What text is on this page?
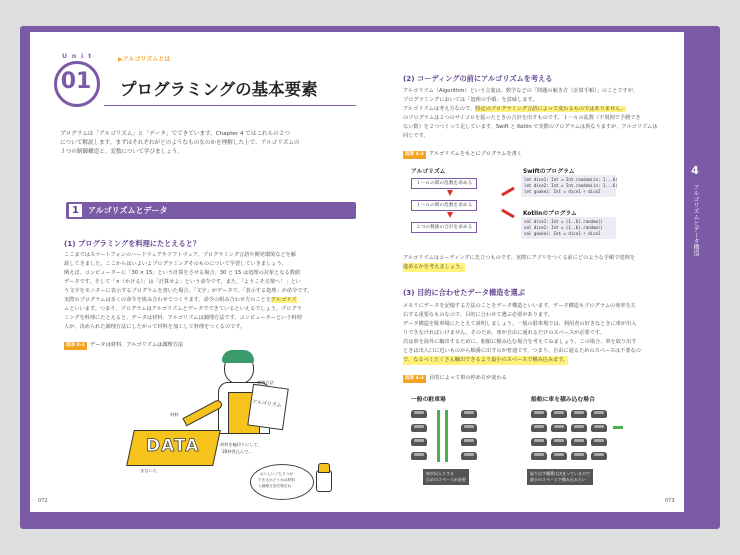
Unit
01
▶アルゴリズムとは
プログラミングの基本要素
プログラムは「アルゴリズム」と「データ」でできています。Chapter 4 ではこれらの２つ
について解説します。まずはそれぞれがどのようなものなのかを理解した上で、アルゴリズムの
３つの制御構造と、変数について学びましょう。
1	アルゴリズムとデータ
(1) プログラミングを料理にたとえると？
ここまではスマートフォンのハードウェアやソフトウェア、プログラミング言語や開発環境などを解
説してきました。ここからはいよいよプログラミングそのものについて学習していきましょう。
例えば、コンピューターに「30 × 15」という計算をさせる場合、30 と 15 は処理の対象となる数値
データです。そして「×（かける）」は「計算せよ」という命令です。また、「ようこそ音楽へ！」とい
う文字をモニターに表示するプログラムを書いた場合、「文字」がデータで、「表示する処理」が命令です。
実際のプログラムは多くの命令を組み合わせてつくります。命令の組み合わせ方のことをアルゴリズ
ムといいます。つまり、プログラムはアルゴリズムとデータでできているといえるでしょう。プログラ
ミングを料理にたとえると、データは材料、アルゴリズムは調理方法です。コンピューターという料理
人が、決められた調理方法にしたがって材料を加工して料理をつくるのです。
図表 4-1	データは材料、アルゴリズムは調理方法
アルゴリズム
調理方法
DATA
材料
まないた
材料を輪切りにして、
30秒煮込んで…
おいしいごちそうが
できるかどうかは材料
と調理方法次第だね
072
(2) コーディングの前にアルゴリズムを考える
アルゴリズム（Algorithm）という言葉は、数学などの「問題の解き方（計算手順）」のことですが、
プログラミングにおいては「処理の手順」を意味します。
アルゴリズムは考え方なので、特定のプログラミング言語によって変わるものではありません。
のプログラムは２つのサイコロを振ったときの合計を出すものです。１～６の乱数（不規則で予測でき
ない数）を２つつくって足しています。Swift と Kotlin で実際のプログラムは異なりますが、アルゴリズムは
同じです。
図表 4-2	アルゴリズムをもとにプログラムを書く
アルゴリズム
１～６の間の乱数を求める
１～６の間の乱数を求める
２つの数値の合計を求める
Swiftのプログラム
let dice1: Int = Int.random(in: 1...6)
let dice2: Int = Int.random(in: 1...6)
let goukei: Int = dice1 + dice2
Kotlinのプログラム
val dice1: Int = (1..6).random()
val dice2: Int = (1..6).random()
val goukei: Int = dice1 + dice2
アルゴリズムはコーディングに先立つものです。実際にアプリをつくる前にどのような手順で処理を
進めるかを考えましょう。
(3) 目的に合わせたデータ構造を選ぶ
メモリにデータを記憶する方法のことをデータ構造といいます。データ構造もプログラムの効率を左
右する重要なものなので、目的に合わせて選ぶ必要があります。
データ構造を駐車場にたとえて説明しましょう。一般の駐車場では、利用者の好きなときに車が出入
りできなければいけません。そのため、車が自由に通れるだけのスペースが必要です。
次は車を海外に輸出するために、船舶に積み込む場合を考えてみましょう。この場合、車を取り出す
ときは出入口に近いものから順番に出すのが普通です。つまり、自由に通るためのスペースは不要なの
で、なるべくたくさん輸出できるよう最小のスペースで積み込みます。
図表 4-3	目的によって車の停め方が変わる
一般の駐車場	船舶に車を積み込む場合
車が出入りする
広めのスペースが必要
取り出す順番は決まっているので
最小のスペースで積み込みたい
073
4
アルゴリズムとデータ構造
